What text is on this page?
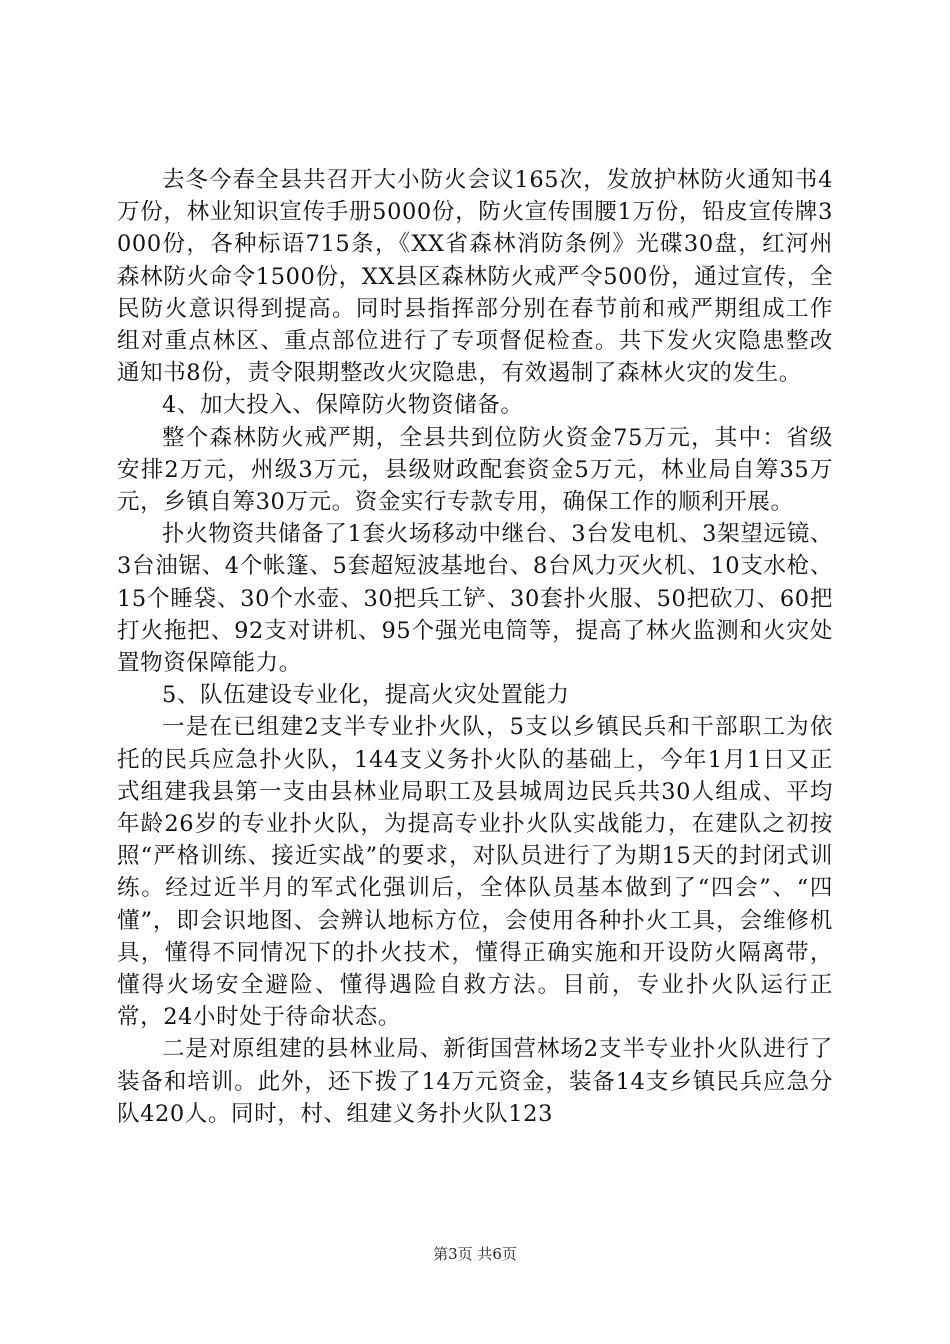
去冬今春全县共召开大小防火会议165次，发放护林防火通知书4万份，林业知识宣传手册5000份，防火宣传围腰1万份，铅皮宣传牌3000份，各种标语715条，《XX省森林消防条例》光碟30盘，红河州森林防火命令1500份，XX县区森林防火戒严令500份，通过宣传，全民防火意识得到提高。同时县指挥部分别在春节前和戒严期组成工作组对重点林区、重点部位进行了专项督促检查。共下发火灾隐患整改通知书8份，责令限期整改火灾隐患，有效遏制了森林火灾的发生。

4、加大投入、保障防火物资储备。

整个森林防火戒严期，全县共到位防火资金75万元，其中：省级安排2万元，州级3万元，县级财政配套资金5万元，林业局自筹35万元，乡镇自筹30万元。资金实行专款专用，确保工作的顺利开展。

扑火物资共储备了1套火场移动中继台、3台发电机、3架望远镜、3台油锯、4个帐篷、5套超短波基地台、8台风力灭火机、10支水枪、15个睡袋、30个水壶、30把兵工铲、30套扑火服、50把砍刀、60把打火拖把、92支对讲机、95个强光电筒等，提高了林火监测和火灾处置物资保障能力。

5、队伍建设专业化，提高火灾处置能力

一是在已组建2支半专业扑火队，5支以乡镇民兵和干部职工为依托的民兵应急扑火队，144支义务扑火队的基础上，今年1月1日又正式组建我县第一支由县林业局职工及县城周边民兵共30人组成、平均年龄26岁的专业扑火队，为提高专业扑火队实战能力，在建队之初按照“严格训练、接近实战”的要求，对队员进行了为期15天的封闭式训练。经过近半月的军式化强训后，全体队员基本做到了“四会”、“四懂”，即会识地图、会辨认地标方位，会使用各种扑火工具，会维修机具，懂得不同情况下的扑火技术，懂得正确实施和开设防火隔离带，懂得火场安全避险、懂得遇险自救方法。目前，专业扑火队运行正常，24小时处于待命状态。

二是对原组建的县林业局、新街国营林场2支半专业扑火队进行了装备和培训。此外，还下拨了14万元资金，装备14支乡镇民兵应急分队420人。同时，村、组建义务扑火队123

第3页 共6页
